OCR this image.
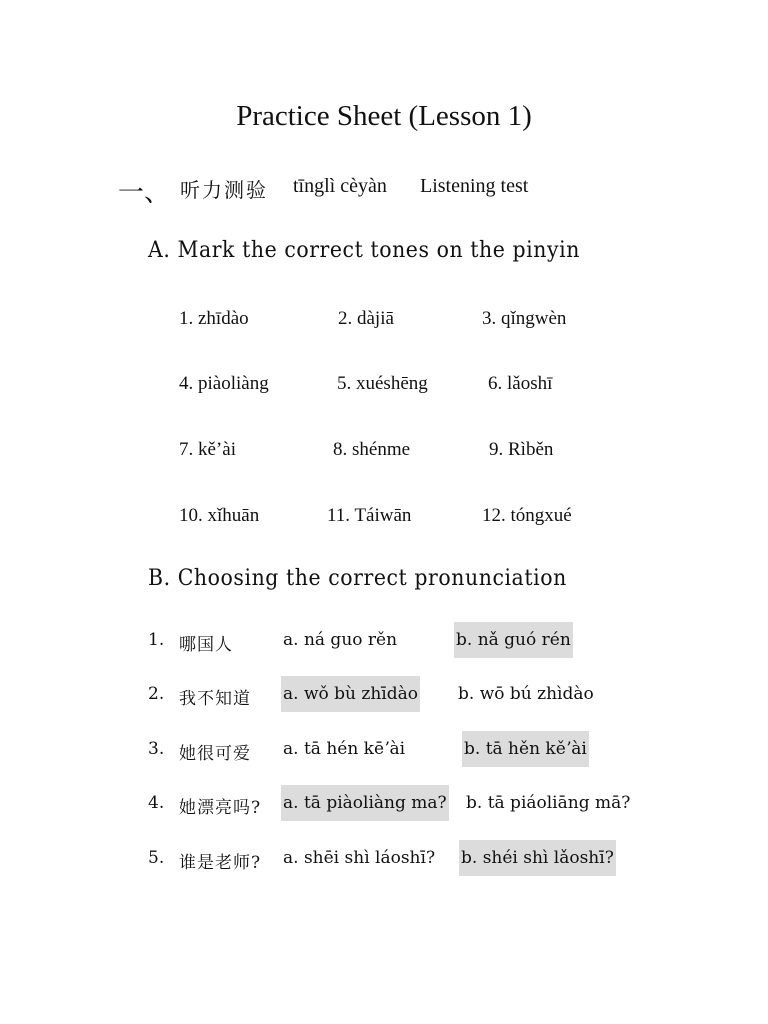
Practice Sheet (Lesson 1)
一、 听力测验 tīnglì cèyàn Listening test
A. Mark the correct tones on the pinyin
1. zhīdào	2. dàjiā	3. qǐngwèn
4. piàoliàng	5. xuéshēng	6. lǎoshī
7. kě’ài	8. shénme	9. Rìběn
10. xǐhuān	11. Táiwān	12. tóngxué
B. Choosing the correct pronunciation
1. 哪国人	a. ná guo rěn	b. nǎ guó rén
2. 我不知道 a. wǒ bù zhīdào b. wō bú zhìdào
3. 她很可爱 a. tā hén kēʼài	b. tā hěn kěʼài
4. 她漂亮吗? a. tā piàoliàng ma? b. tā piáoliāng mā?
5. 谁是老师? a. shēi shì láoshī? b. shéi shì lǎoshī?
